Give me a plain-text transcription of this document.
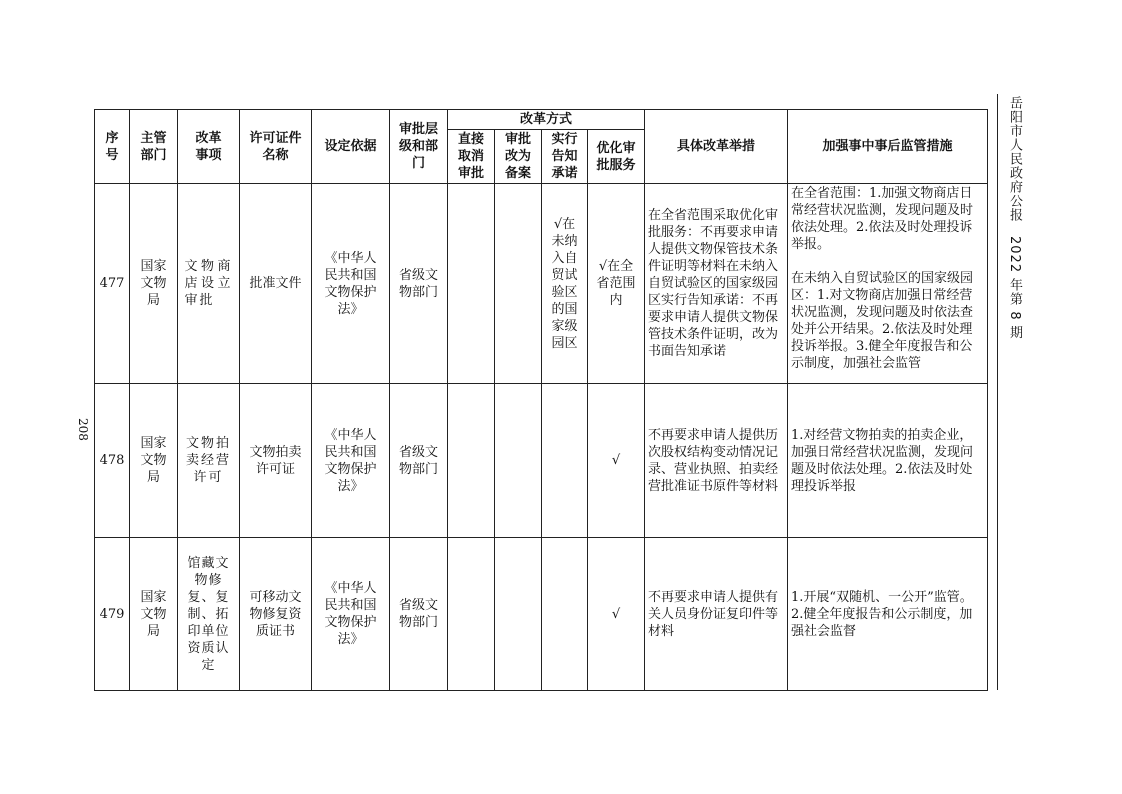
208
序号	主管部门	改革事项	许可证件名称	设定依据	审批层级和部门	改革方式				具体改革举措	加强事中事后监管措施

						直接取消审批	审批改为备案	实行告知承诺	优化审批服务		

477	国家文物局	文物商店设立审批	批准文件	《中华人民共和国文物保护法》	省级文物部门			√在未纳入自贸试验区的国家级园区	√在全省范围内	在全省范围采取优化审批服务：不再要求申请人提供文物保管技术条件证明等材料在未纳入自贸试验区的国家级园区实行告知承诺：不再要求申请人提供文物保管技术条件证明，改为书面告知承诺	在全省范围：1.加强文物商店日常经营状况监测，发现问题及时依法处理。2.依法及时处理投诉举报。
在未纳入自贸试验区的国家级园区：1.对文物商店加强日常经营状况监测，发现问题及时依法查处并公开结果。2.依法及时处理投诉举报。3.健全年度报告和公示制度，加强社会监管

478	国家文物局	文物拍卖经营许可	文物拍卖许可证	《中华人民共和国文物保护法》	省级文物部门				√	不再要求申请人提供历次股权结构变动情况记录、营业执照、拍卖经营批准证书原件等材料	1.对经营文物拍卖的拍卖企业，加强日常经营状况监测，发现问题及时依法处理。2.依法及时处理投诉举报

479	国家文物局	馆藏文物修复、复制、拓印单位资质认定	可移动文物修复资质证书	《中华人民共和国文物保护法》	省级文物部门				√	不再要求申请人提供有关人员身份证复印件等材料	1.开展“双随机、一公开”监管。2.健全年度报告和公示制度，加强社会监督
岳阳市人民政府公报　2022 年第 8 期
